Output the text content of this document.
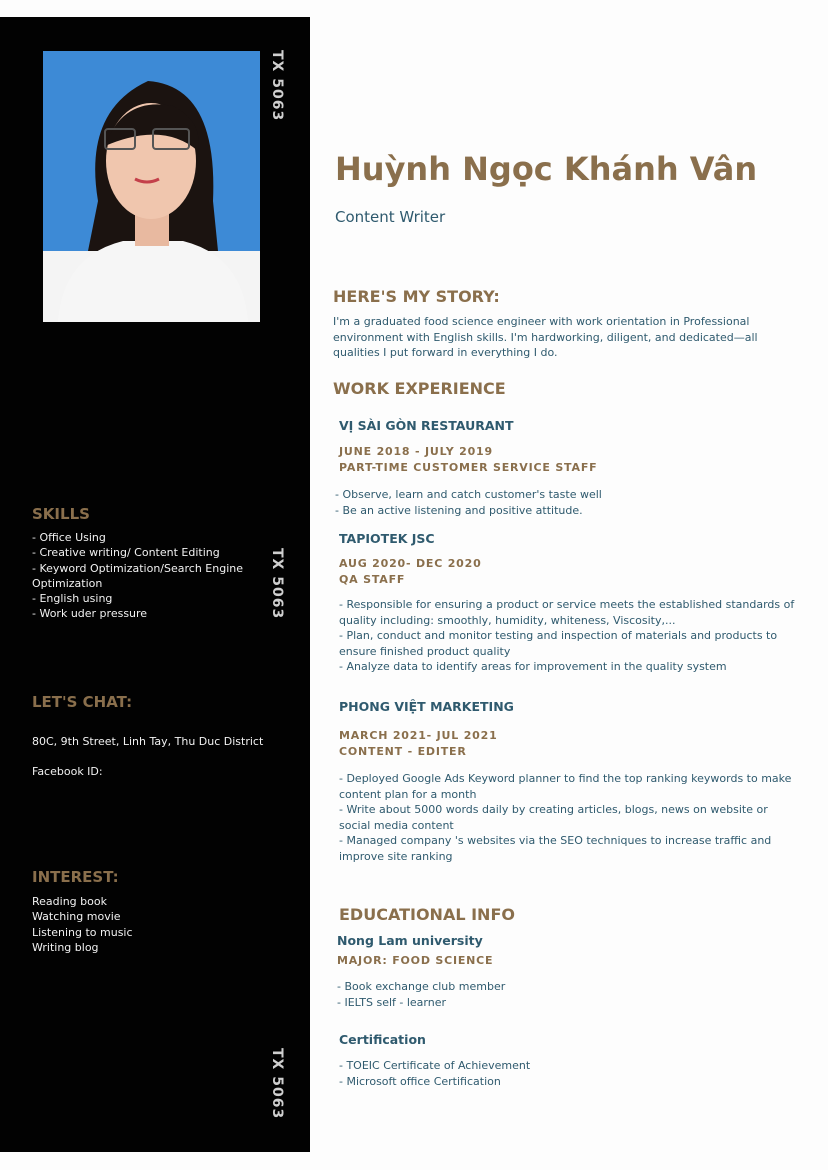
TX 5063
TX 5063
TX 5063
SKILLS
- Office Using
- Creative writing/ Content Editing
- Keyword Optimization/Search Engine Optimization
- English using
- Work uder pressure
LET'S CHAT:
80C, 9th Street, Linh Tay, Thu Duc District
Facebook ID:
INTEREST:
Reading book
Watching movie
Listening to music
Writing blog
Huỳnh Ngọc Khánh Vân
Content Writer
HERE'S MY STORY:
I'm a graduated food science engineer with work orientation in Professional environment with English skills. I'm hardworking, diligent, and dedicated—all qualities I put forward in everything I do.
WORK EXPERIENCE
VỊ SÀI GÒN RESTAURANT
JUNE 2018 - JULY 2019
PART-TIME CUSTOMER SERVICE STAFF
- Observe, learn and catch customer's taste well
- Be an active listening and positive attitude.
TAPIOTEK JSC
AUG 2020- DEC 2020
QA STAFF
- Responsible for ensuring a product or service meets the established standards of quality including: smoothly, humidity, whiteness, Viscosity,...
- Plan, conduct and monitor testing and inspection of materials and products to ensure finished product quality
- Analyze data to identify areas for improvement in the quality system
PHONG VIỆT MARKETING
MARCH 2021- JUL 2021
CONTENT - EDITER
- Deployed Google Ads Keyword planner to find the top ranking keywords to make content plan for a month
- Write about 5000 words daily by creating articles, blogs, news on website or social media content
- Managed company 's websites via the SEO techniques to increase traffic and improve site ranking
EDUCATIONAL INFO
Nong Lam university
MAJOR: FOOD SCIENCE
- Book exchange club member
- IELTS self - learner
Certification
- TOEIC Certificate of Achievement
- Microsoft office Certification
